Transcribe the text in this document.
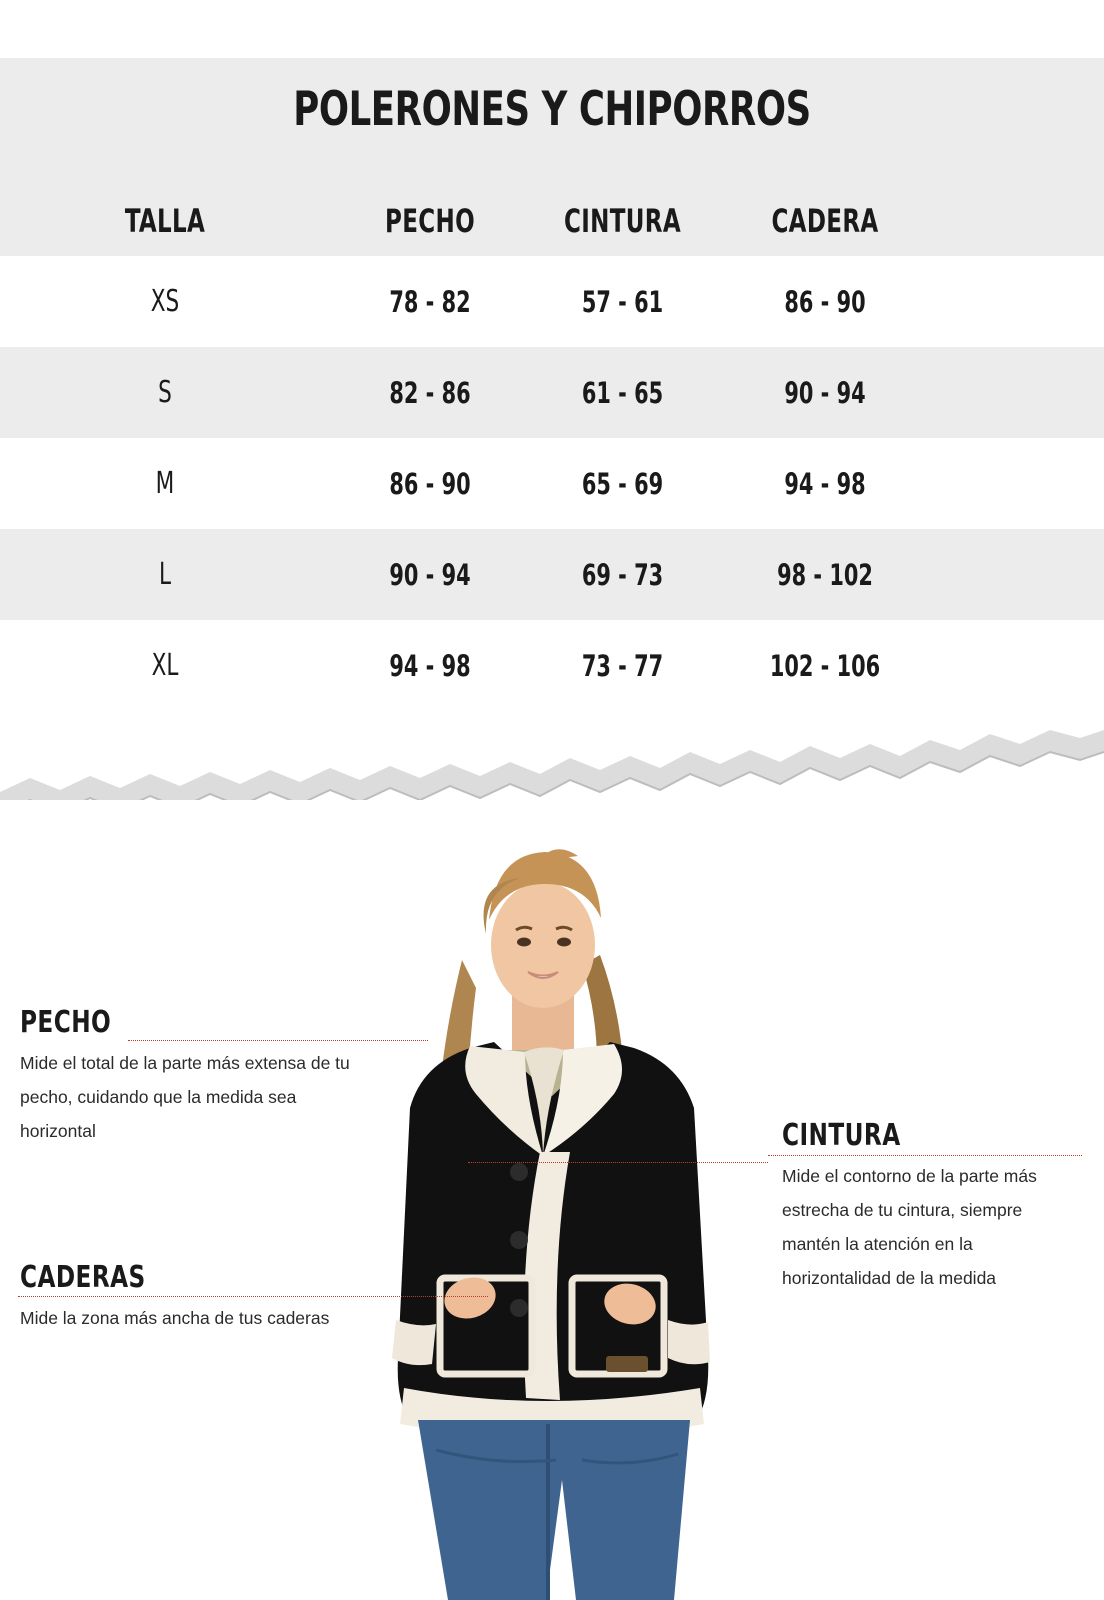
POLERONES Y CHIPORROS
TALLA	PECHO	CINTURA	CADERA
XS	78 - 82	57 - 61	86 - 90
S	82 - 86	61 - 65	90 - 94
M	86 - 90	65 - 69	94 - 98
L	90 - 94	69 - 73	98 - 102
XL	94 - 98	73 - 77	102 - 106
PECHO

Mide el total de la parte más extensa de tu pecho, cuidando que la medida sea horizontal

CADERAS

Mide la zona más ancha de tus caderas

CINTURA

Mide el contorno de la parte más estrecha de tu cintura, siempre mantén la atención en la horizontalidad de la medida
